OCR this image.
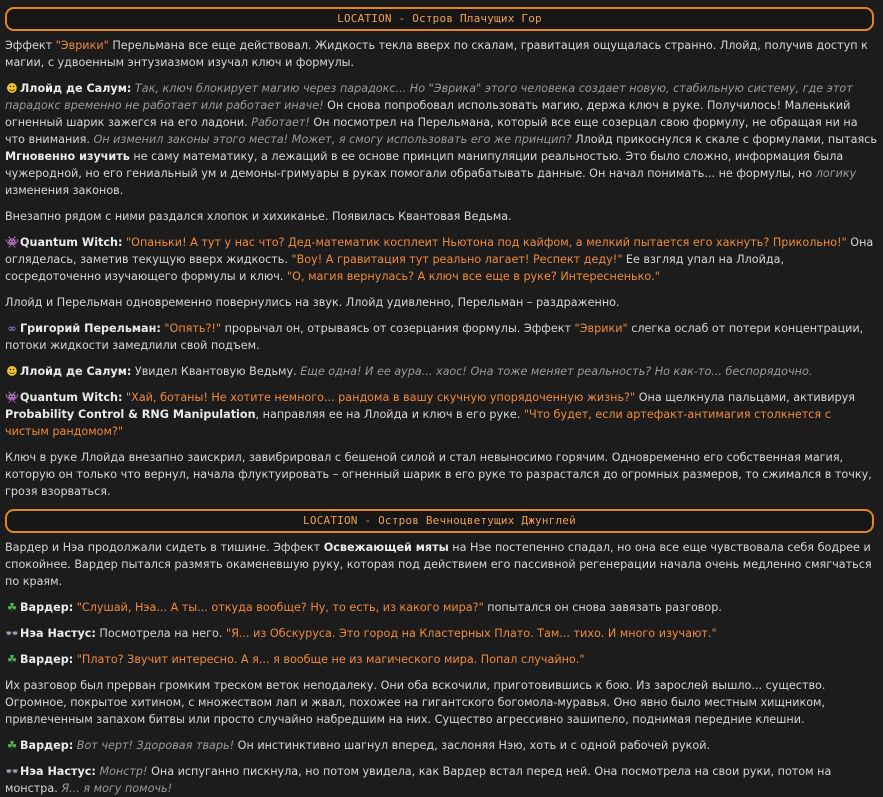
LOCATION - Остров Плачущих Гор

Эффект "Эврики" Перельмана все еще действовал. Жидкость текла вверх по скалам, гравитация ощущалась странно. Ллойд, получив доступ к магии, с удвоенным энтузиазмом изучал ключ и формулы.

☻ Ллойд де Салум: Так, ключ блокирует магию через парадокс... Но "Эврика" этого человека создает новую, стабильную систему, где этот парадокс временно не работает или работает иначе! Он снова попробовал использовать магию, держа ключ в руке. Получилось! Маленький огненный шарик зажегся на его ладони. Работает! Он посмотрел на Перельмана, который все еще созерцал свою формулу, не обращая ни на что внимания. Он изменил законы этого места! Может, я смогу использовать его же принцип? Ллойд прикоснулся к скале с формулами, пытаясь Мгновенно изучить не саму математику, а лежащий в ее основе принцип манипуляции реальностью. Это было сложно, информация была чужеродной, но его гениальный ум и демоны-гримуары в руках помогали обрабатывать данные. Он начал понимать... не формулы, но логику изменения законов.

Внезапно рядом с ними раздался хлопок и хихиканье. Появилась Квантовая Ведьма.

👾Quantum Witch: "Опаньки! А тут у нас что? Дед-математик косплеит Ньютона под кайфом, а мелкий пытается его хакнуть? Прикольно!" Она огляделась, заметив текущую вверх жидкость. "Воу! А гравитация тут реально лагает! Респект деду!" Ее взгляд упал на Ллойда, сосредоточенно изучающего формулы и ключ. "О, магия вернулась? А ключ все еще в руке? Интересненько."

Ллойд и Перельман одновременно повернулись на звук. Ллойд удивленно, Перельман – раздраженно.

∞ Григорий Перельман: "Опять?!" прорычал он, отрываясь от созерцания формулы. Эффект "Эврики" слегка ослаб от потери концентрации, потоки жидкости замедлили свой подъем.

☻ Ллойд де Салум: Увидел Квантовую Ведьму. Еще одна! И ее аура... хаос! Она тоже меняет реальность? Но как-то... беспорядочно.

👾Quantum Witch: "Хай, ботаны! Не хотите немного... рандома в вашу скучную упорядоченную жизнь?" Она щелкнула пальцами, активируя Probability Control & RNG Manipulation, направляя ее на Ллойда и ключ в его руке. "Что будет, если артефакт-антимагия столкнется с чистым рандомом?"

Ключ в руке Ллойда внезапно заискрил, завибрировал с бешеной силой и стал невыносимо горячим. Одновременно его собственная магия, которую он только что вернул, начала флуктуировать – огненный шарик в его руке то разрастался до огромных размеров, то сжимался в точку, грозя взорваться.

LOCATION - Остров Вечноцветущих Джунглей

Вардер и Нэа продолжали сидеть в тишине. Эффект Освежающей мяты на Нэе постепенно спадал, но она все еще чувствовала себя бодрее и спокойнее. Вардер пытался размять окаменевшую руку, которая под действием его пассивной регенерации начала очень медленно смягчаться по краям.

☘ Вардер: "Слушай, Нэа... А ты... откуда вообще? Ну, то есть, из какого мира?" попытался он снова завязать разговор.

👓Нэа Настус: Посмотрела на него. "Я... из Обскуруса. Это город на Кластерных Плато. Там... тихо. И много изучают."

☘ Вардер: "Плато? Звучит интересно. А я... я вообще не из магического мира. Попал случайно."

Их разговор был прерван громким треском веток неподалеку. Они оба вскочили, приготовившись к бою. Из зарослей вышло... существо. Огромное, покрытое хитином, с множеством лап и жвал, похожее на гигантского богомола-муравья. Оно явно было местным хищником, привлеченным запахом битвы или просто случайно набредшим на них. Существо агрессивно зашипело, поднимая передние клешни.

☘ Вардер: Вот черт! Здоровая тварь! Он инстинктивно шагнул вперед, заслоняя Нэю, хоть и с одной рабочей рукой.

👓Нэа Настус: Монстр! Она испуганно пискнула, но потом увидела, как Вардер встал перед ней. Она посмотрела на свои руки, потом на монстра. Я... я могу помочь!
